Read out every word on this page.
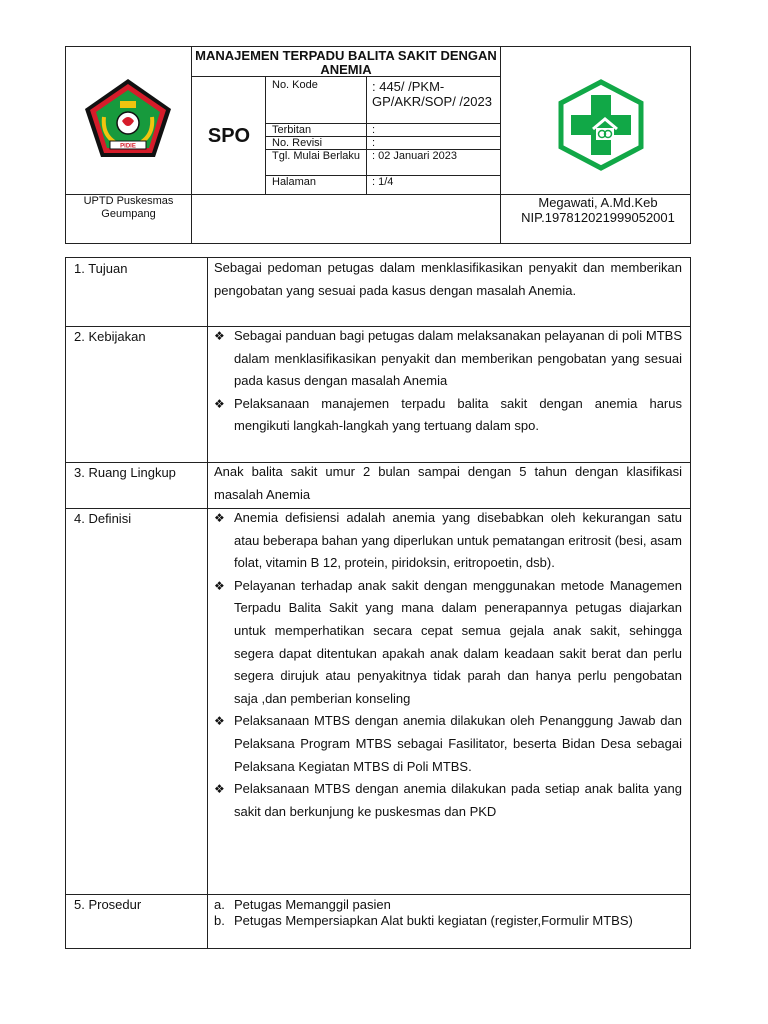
PIDIE
MANAJEMEN TERPADU BALITA SAKIT DENGAN ANEMIA
SPO
No. Kode	: 445/ /PKM-GP/AKR/SOP/ /2023
Terbitan	:
No. Revisi	:
Tgl. Mulai Berlaku : 02 Januari 2023
Halaman	: 1/4
UPTD Puskesmas Geumpang
Megawati, A.Md.Keb
NIP.197812021999052001
1. Tujuan	Sebagai pedoman petugas dalam menklasifikasikan penyakit dan memberikan pengobatan yang sesuai pada kasus dengan masalah Anemia.
2. Kebijakan	❖ Sebagai panduan bagi petugas dalam melaksanakan pelayanan di poli MTBS dalam menklasifikasikan penyakit dan memberikan pengobatan yang sesuai pada kasus dengan masalah Anemia

❖ Pelaksanaan manajemen terpadu balita sakit dengan anemia harus mengikuti langkah-langkah yang tertuang dalam spo.

3. Ruang Lingkup	Anak balita sakit umur 2 bulan sampai dengan 5 tahun dengan klasifikasi masalah Anemia
4. Definisi	❖ Anemia defisiensi adalah anemia yang disebabkan oleh kekurangan satu atau beberapa bahan yang diperlukan untuk pematangan eritrosit (besi, asam folat, vitamin B 12, protein, piridoksin, eritropoetin, dsb).

❖ Pelayanan terhadap anak sakit dengan menggunakan metode Managemen Terpadu Balita Sakit yang mana dalam penerapannya petugas diajarkan untuk memperhatikan secara cepat semua gejala anak sakit, sehingga segera dapat ditentukan apakah anak dalam keadaan sakit berat dan perlu segera dirujuk atau penyakitnya tidak parah dan hanya perlu pengobatan saja ,dan pemberian konseling

❖ Pelaksanaan MTBS dengan anemia dilakukan oleh Penanggung Jawab dan Pelaksana Program MTBS sebagai Fasilitator, beserta Bidan Desa sebagai Pelaksana Kegiatan MTBS di Poli MTBS.

❖ Pelaksanaan MTBS dengan anemia dilakukan pada setiap anak balita yang sakit dan berkunjung ke puskesmas dan PKD

5. Prosedur	a. Petugas Memanggil pasien

b. Petugas Mempersiapkan Alat bukti kegiatan (register,Formulir MTBS)
